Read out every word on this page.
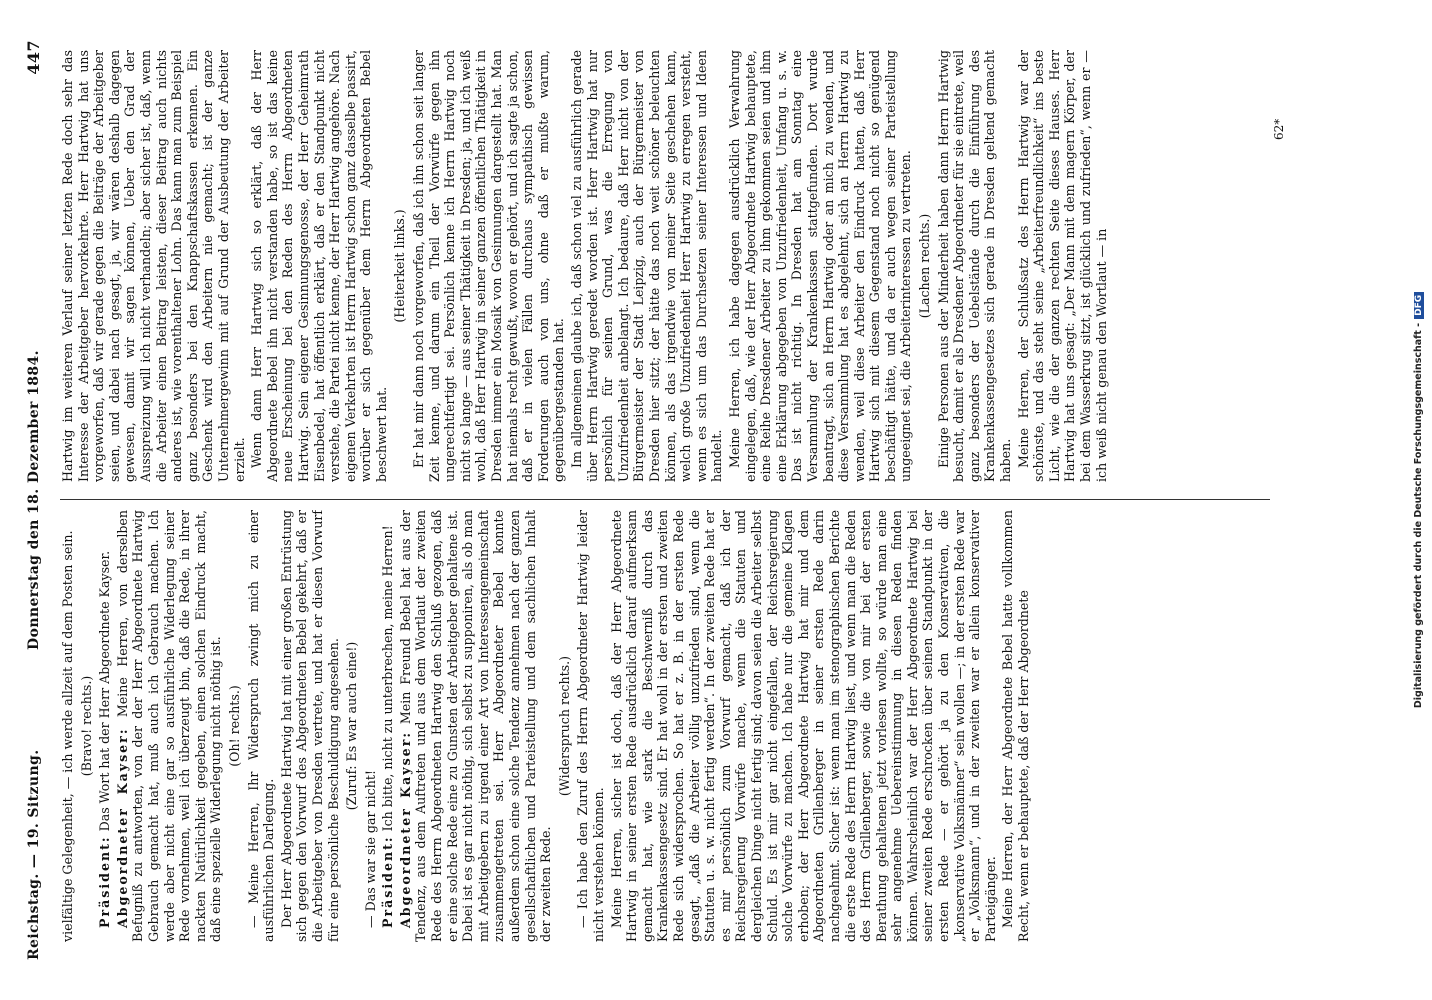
Reichstag. — 19. Sitzung.
Donnerstag den 18. Dezember 1884.
447

vielfältige Gelegenheit, — ich werde allzeit auf dem Posten sein. (Bravo! rechts.)

Präsident: Das Wort hat der Herr Abgeordnete Kayser. Abgeordneter Kayser: Meine Herren, von derselben Befugniß zu antworten, von der der Herr Abgeordnete Hartwig Gebrauch gemacht hat, muß auch ich Gebrauch machen. Ich werde aber nicht eine gar so ausführliche Widerlegung seiner Rede vornehmen, weil ich überzeugt bin, daß die Rede, in ihrer nackten Natürlichkeit gegeben, einen solchen Eindruck macht, daß eine spezielle Widerlegung nicht nöthig ist. (Oh! rechts.) — Meine Herren, Ihr Widerspruch zwingt mich zu einer ausführlichen Darlegung. Der Herr Abgeordnete Hartwig hat mit einer großen Entrüstung sich gegen den Vorwurf des Abgeordneten Bebel gekehrt, daß er die Arbeitgeber von Dresden vertrete, und hat er diesen Vorwurf für eine persönliche Beschuldigung angesehen. (Zuruf: Es war auch eine!)

— Das war sie gar nicht! Präsident: Ich bitte, nicht zu unterbrechen, meine Herren! Abgeordneter Kayser: Mein Freund Bebel hat aus der Tendenz, aus dem Auftreten und aus dem Wortlaut der zweiten Rede des Herrn Abgeordneten Hartwig den Schluß gezogen, daß er eine solche Rede eine zu Gunsten der Arbeitgeber gehaltene ist. Dabei ist es gar nicht nöthig, sich selbst zu supponiren, als ob man mit Arbeitgebern zu irgend einer Art von Interessengemeinschaft zusammengetreten sei. Herr Abgeordneter Bebel konnte außerdem schon eine solche Tendenz annehmen nach der ganzen gesellschaftlichen und Parteistellung und dem sachlichen Inhalt der zweiten Rede.

(Widerspruch rechts.) — Ich habe den Zuruf des Herrn Abgeordneter Hartwig leider nicht verstehen können. Meine Herren, sicher ist doch, daß der Herr Abgeordnete Hartwig in seiner ersten Rede ausdrücklich darauf aufmerksam gemacht hat, wie stark die Beschwerniß durch das Krankenkassengesetz sind. Er hat wohl in der ersten und zweiten Rede sich widersprochen. So hat er z. B. in der ersten Rede gesagt, „daß die Arbeiter völlig unzufrieden sind, wenn die Statuten u. s. w. nicht fertig werden“. In der zweiten Rede hat er es mir persönlich zum Vorwurf gemacht, daß ich der Reichsregierung Vorwürfe mache, wenn die Statuten und dergleichen Dinge nicht fertig sind; davon seien die Arbeiter selbst Schuld. Es ist mir gar nicht eingefallen, der Reichsregierung solche Vorwürfe zu machen. Ich habe nur die gemeine Klagen erhoben; der Herr Abgeordnete Hartwig hat mir und dem Abgeordneten Grillenberger in seiner ersten Rede darin nachgeahmt. Sicher ist: wenn man im stenographischen Berichte die erste Rede des Herrn Hartwig liest, und wenn man die Reden des Herrn Grillenberger, sowie die von mir bei der ersten Berathung gehaltenen jetzt vorlesen wollte, so würde man eine sehr angenehme Uebereinstimmung in diesen Reden finden können. Wahrscheinlich war der Herr Abgeordnete Hartwig bei seiner zweiten Rede erschrocken über seinen Standpunkt in der ersten Rede — er gehört ja zu den Konservativen, die „konservative Volksmänner“ sein wollen —; in der ersten Rede war er „Volksmann“, und in der zweiten war er allein konservativer Parteigänger. Meine Herren, der Herr Abgeordnete Bebel hatte vollkommen Recht, wenn er behauptete, daß der Herr Abgeordnete

Hartwig im weiteren Verlauf seiner letzten Rede doch sehr das Interesse der Arbeitgeber hervorkehrte. Herr Hartwig hat uns vorgeworfen, daß wir gerade gegen die Beiträge der Arbeitgeber seien, und dabei nach gesagt, ja, wir wären deshalb dagegen gewesen, damit wir sagen können, Ueber den Grad der Ausspreizung will ich nicht verhandeln; aber sicher ist, daß, wenn die Arbeiter einen Beitrag leisten, dieser Beitrag auch nichts anderes ist, wie vorenthaltener Lohn. Das kann man zum Beispiel ganz besonders bei den Knappschaftskassen erkennen. Ein Geschenk wird den Arbeitern nie gemacht; ist der ganze Unternehmergewinn mit auf Grund der Ausbeutung der Arbeiter erzielt. Wenn dann Herr Hartwig sich so erklärt, daß der Herr Abgeordnete Bebel ihn nicht verstanden habe, so ist das keine neue Erscheinung bei den Reden des Herrn Abgeordneten Hartwig. Sein eigener Gesinnungsgenosse, der Herr Geheimrath Eisenbedel, hat öffentlich erklärt, daß er den Standpunkt nicht verstehe, die Partei nicht kenne, der Herr Hartwig angehöre. Nach eigenen Verkehrten ist Herrn Hartwig schon ganz dasselbe passirt, worüber er sich gegenüber dem Herrn Abgeordneten Bebel beschwert hat.

(Heiterkeit links.) Er hat mir dann noch vorgeworfen, daß ich ihn schon seit langer Zeit kenne, und darum ein Theil der Vorwürfe gegen ihn ungerechtfertigt sei. Persönlich kenne ich Herrn Hartwig noch nicht so lange — aus seiner Thätigkeit in Dresden; ja, und ich weiß wohl, daß Herr Hartwig in seiner ganzen öffentlichen Thätigkeit in Dresden immer ein Mosaik von Gesinnungen dargestellt hat. Man hat niemals recht gewußt, wovon er gehört, und ich sagte ja schon, daß er in vielen Fällen durchaus sympathisch gewissen Forderungen auch von uns, ohne daß er mußte warum, gegenübergestanden hat. Im allgemeinen glaube ich, daß schon viel zu ausführlich gerade über Herrn Hartwig geredet worden ist. Herr Hartwig hat nur persönlich für seinen Grund, was die Erregung von Unzufriedenheit anbelangt. Ich bedaure, daß Herr nicht von der Bürgermeister der Stadt Leipzig, auch der Bürgermeister von Dresden hier sitzt; der hätte das noch weit schöner beleuchten können, als das irgendwie von meiner Seite geschehen kann, welch große Unzufriedenheit Herr Hartwig zu erregen versteht, wenn es sich um das Durchsetzen seiner Interessen und Ideen handelt. Meine Herren, ich habe dagegen ausdrücklich Verwahrung eingelegen, daß, wie der Herr Abgeordnete Hartwig behauptete, eine Reihe Dresdener Arbeiter zu ihm gekommen seien und ihm eine Erklärung abgegeben von Unzufriedenheit, Umfang u. s. w. Das ist nicht richtig. In Dresden hat am Sonntag eine Versammlung der Krankenkassen stattgefunden. Dort wurde beantragt, sich an Herrn Hartwig oder an mich zu wenden, und diese Versammlung hat es abgelehnt, sich an Herrn Hartwig zu wenden, weil diese Arbeiter den Eindruck hatten, daß Herr Hartwig sich mit diesem Gegenstand noch nicht so genügend beschäftigt hätte, und da er auch wegen seiner Parteistellung ungeeignet sei, die Arbeiterinteressen zu vertreten. (Lachen rechts.) Einige Personen aus der Minderheit haben dann Herrn Hartwig besucht, damit er als Dresdener Abgeordneter für sie eintrete, weil ganz besonders der Uebelstände durch die Einführung des Krankenkassengesetzes sich gerade in Dresden geltend gemacht haben. Meine Herren, der Schlußsatz des Herrn Hartwig war der schönste, und das steht seine „Arbeiterfreundlichkeit“ ins beste Licht, wie die der ganzen rechten Seite dieses Hauses. Herr Hartwig hat uns gesagt: „Der Mann mit dem magern Körper, der bei dem Wasserkrug sitzt, ist glücklich und zufrieden“, wenn er — ich weiß nicht genau den Wortlaut — in

62*
Digitalisierung gefördert durch die Deutsche Forschungsgemeinschaft -DFG
